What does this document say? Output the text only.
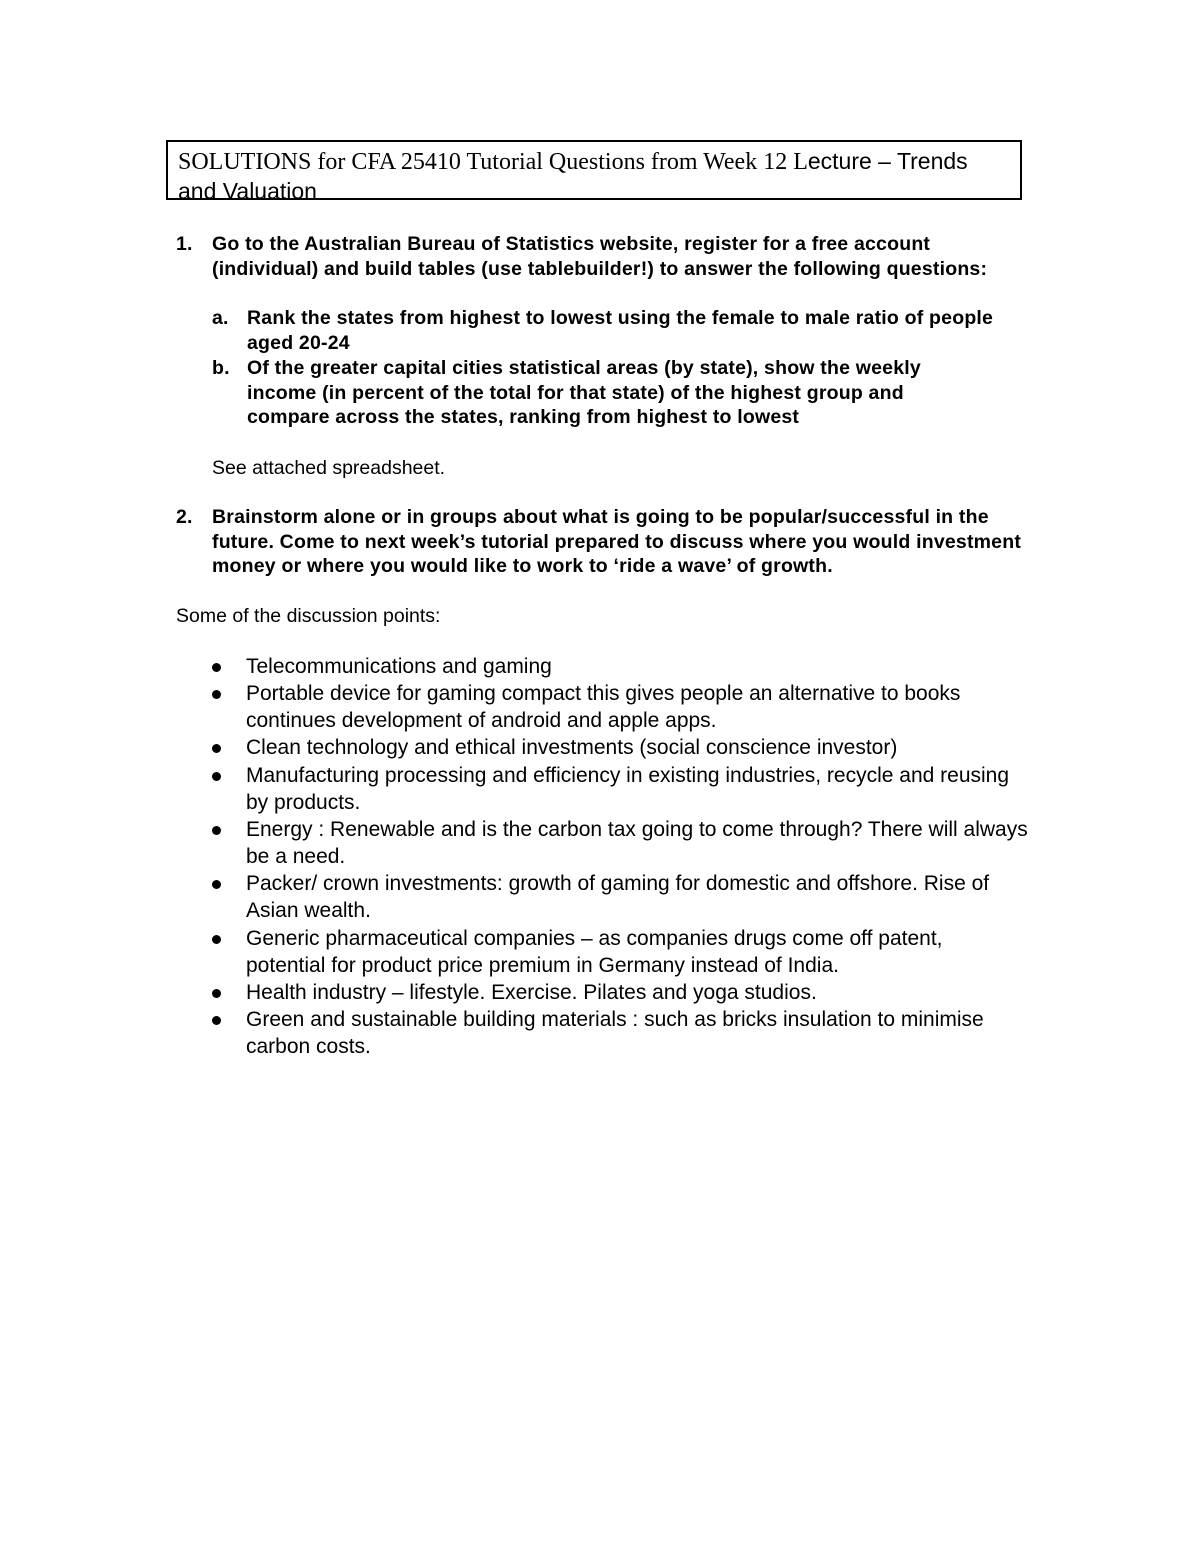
SOLUTIONS for CFA 25410 Tutorial Questions from Week 12 Lecture – Trends and Valuation
1. Go to the Australian Bureau of Statistics website, register for a free account (individual) and build tables (use tablebuilder!) to answer the following questions:
a. Rank the states from highest to lowest using the female to male ratio of people aged 20-24
b. Of the greater capital cities statistical areas (by state), show the weekly income (in percent of the total for that state) of the highest group and compare across the states, ranking from highest to lowest
See attached spreadsheet.
2. Brainstorm alone or in groups about what is going to be popular/successful in the future. Come to next week’s tutorial prepared to discuss where you would investment money or where you would like to work to ‘ride a wave’ of growth.
Some of the discussion points:
Telecommunications and gaming
Portable device for gaming compact this gives people an alternative to books continues development of android and apple apps.
Clean technology and ethical investments (social conscience investor)
Manufacturing processing and efficiency in existing industries, recycle and reusing by products.
Energy : Renewable and is the carbon tax going to come through? There will always be a need.
Packer/ crown investments: growth of gaming for domestic and offshore. Rise of Asian wealth.
Generic pharmaceutical companies – as companies drugs come off patent, potential for product price premium in Germany instead of India.
Health industry – lifestyle. Exercise. Pilates and yoga studios.
Green and sustainable building materials : such as bricks insulation to minimise carbon costs.
